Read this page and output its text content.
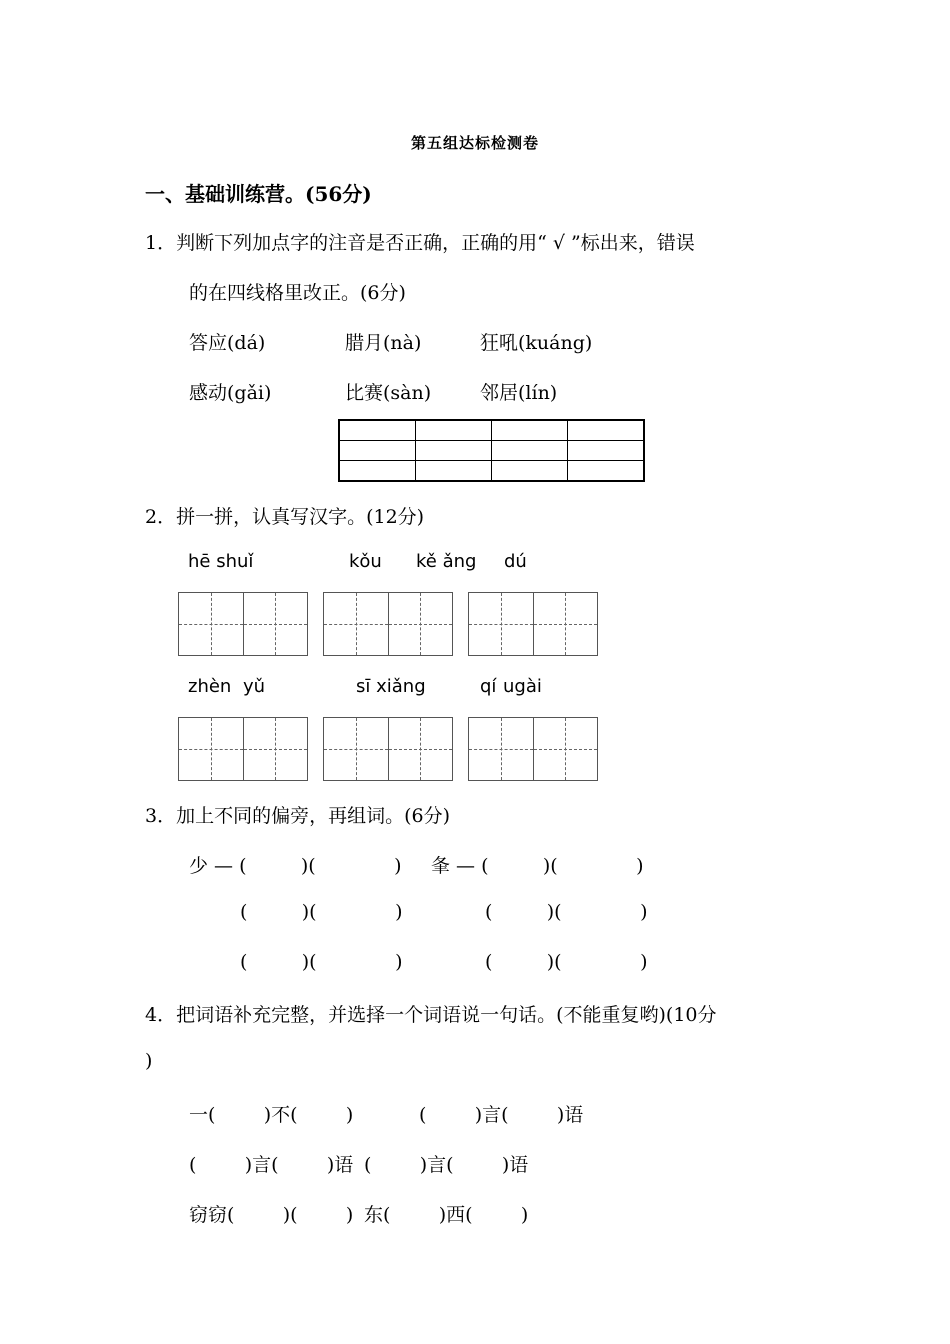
第五组达标检测卷
一、基础训练营。(56分)
1．判断下列加点字的注音是否正确，正确的用“ √ ”标出来，错误
的在四线格里改正。(6分)
答应(dá)	腊月(nà)	狂吼(kuáng)
感动(gǎi)	比赛(sàn)	邻居(lín)

2．拼一拼，认真写汉字。(12分)
hē shuǐ	kǒu kě ǎng dú
zhèn yǔ	sī xiǎng	qí ugài
3．加上不同的偏旁，再组词。(6分)
少 — (         )(             ) 夆 — (         )(             )
(         )(             )	(         )(             )
(         )(             )	(         )(             )
4．把词语补充完整，并选择一个词语说一句话。(不能重复哟)(10分
)
一(        )不(        )	(        )言(        )语
(        )言(        )语 (        )言(        )语
窃窃(        )(        ) 东(        )西(        )
